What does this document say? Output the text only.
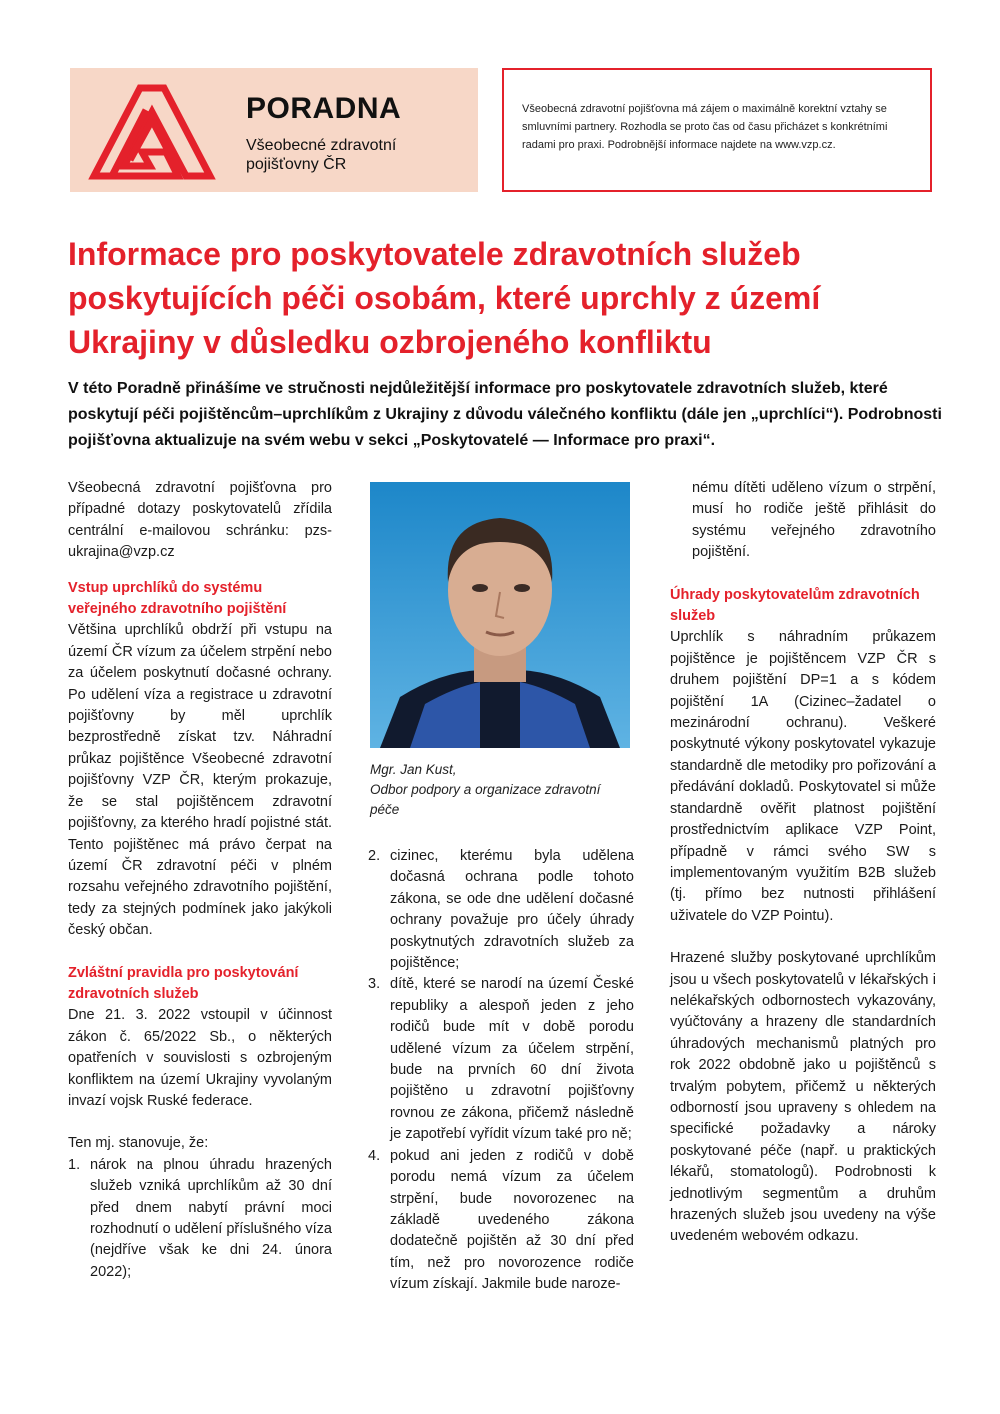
PORADNA
Všeobecné zdravotní pojišťovny ČR
Všeobecná zdravotní pojišťovna má zájem o maximálně korektní vztahy se smluvními partnery. Rozhodla se proto čas od času přicházet s konkrétními radami pro praxi. Podrobnější informace najdete na www.vzp.cz.
Informace pro poskytovatele zdravotních služeb poskytujících péči osobám, které uprchly z území Ukrajiny v důsledku ozbrojeného konfliktu
V této Poradně přinášíme ve stručnosti nejdůležitější informace pro poskytovatele zdravotních služeb, které poskytují péči pojištěncům–uprchlíkům z Ukrajiny z důvodu válečného konfliktu (dále jen „uprchlíci“). Podrobnosti pojišťovna aktualizuje na svém webu v sekci „Poskytovatelé — Informace pro praxi“.

Všeobecná zdravotní pojišťovna pro případné dotazy poskytovatelů zřídila centrální e-mailovou schránku: pzs-ukrajina@vzp.cz

Vstup uprchlíků do systému veřejného zdravotního pojištění

Většina uprchlíků obdrží při vstupu na území ČR vízum za účelem strpění nebo za účelem poskytnutí dočasné ochrany. Po udělení víza a registrace u zdravotní pojišťovny by měl uprchlík bezprostředně získat tzv. Náhradní průkaz pojištěnce Všeobecné zdravotní pojišťovny VZP ČR, kterým prokazuje, že se stal pojištěncem zdravotní pojišťovny, za kterého hradí pojistné stát. Tento pojištěnec má právo čerpat na území ČR zdravotní péči v plném rozsahu veřejného zdravotního pojištění, tedy za stejných podmínek jako jakýkoli český občan.

Zvláštní pravidla pro poskytování zdravotních služeb

Dne 21. 3. 2022 vstoupil v účinnost zákon č. 65/2022 Sb., o některých opatřeních v souvislosti s ozbrojeným konfliktem na území Ukrajiny vyvolaným invazí vojsk Ruské federace.

Ten mj. stanovuje, že:

1. nárok na plnou úhradu hrazených služeb vzniká uprchlíkům až 30 dní před dnem nabytí právní moci rozhodnutí o udělení příslušného víza (nejdříve však ke dni 24. února 2022);
Mgr. Jan Kust,
Odbor podpory a organizace zdravotní péče
2. cizinec, kterému byla udělena dočasná ochrana podle tohoto zákona, se ode dne udělení dočasné ochrany považuje pro účely úhrady poskytnutých zdravotních služeb za pojištěnce;
3. dítě, které se narodí na území České republiky a alespoň jeden z jeho rodičů bude mít v době porodu udělené vízum za účelem strpění, bude na prvních 60 dní života pojištěno u zdravotní pojišťovny rovnou ze zákona, přičemž následně je zapotřebí vyřídit vízum také pro ně;
4. pokud ani jeden z rodičů v době porodu nemá vízum za účelem strpění, bude novorozenec na základě uvedeného zákona dodatečně pojištěn až 30 dní před tím, než pro novorozence rodiče vízum získají. Jakmile bude naroze-

nému dítěti uděleno vízum o strpění, musí ho rodiče ještě přihlásit do systému veřejného zdravotního pojištění.

Úhrady poskytovatelům zdravotních služeb

Uprchlík s náhradním průkazem pojištěnce je pojištěncem VZP ČR s druhem pojištění DP=1 a s kódem pojištění 1A (Cizinec–žadatel o mezinárodní ochranu). Veškeré poskytnuté výkony poskytovatel vykazuje standardně dle metodiky pro pořizování a předávání dokladů. Poskytovatel si může standardně ověřit platnost pojištění prostřednictvím aplikace VZP Point, případně v rámci svého SW s implementovaným využitím B2B služeb (tj. přímo bez nutnosti přihlášení uživatele do VZP Pointu).

Hrazené služby poskytované uprchlíkům jsou u všech poskytovatelů v lékařských i nelékařských odbornostech vykazovány, vyúčtovány a hrazeny dle standardních úhradových mechanismů platných pro rok 2022 obdobně jako u pojištěnců s trvalým pobytem, přičemž u některých odborností jsou upraveny s ohledem na specifické požadavky a nároky poskytované péče (např. u praktických lékařů, stomatologů). Podrobnosti k jednotlivým segmentům a druhům hrazených služeb jsou uvedeny na výše uvedeném webovém odkazu.
